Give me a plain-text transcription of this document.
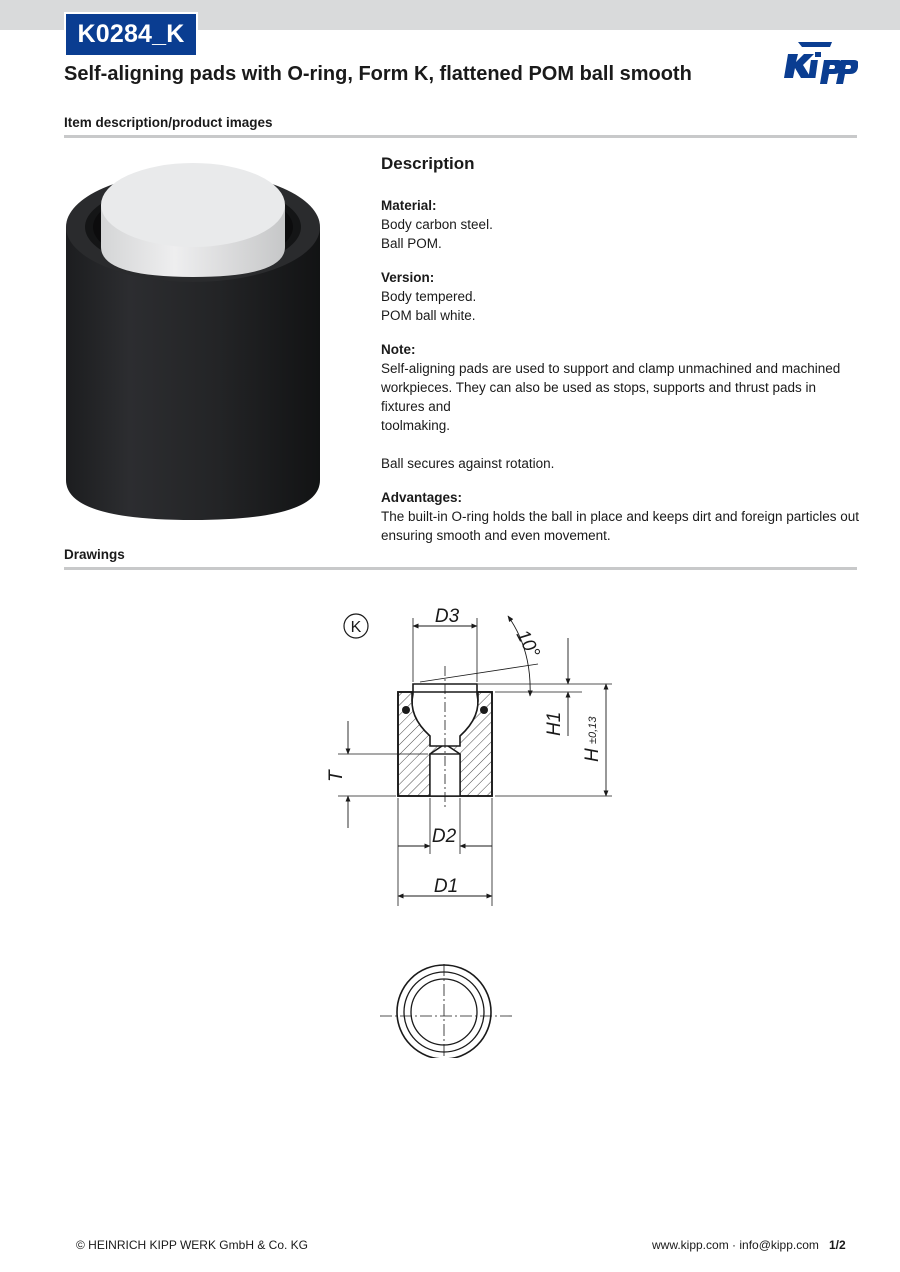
K0284_K
Self-aligning pads with O-ring, Form K, flattened POM ball smooth
Item description/product images
Description
Material:
Body carbon steel.
Ball POM.
Version:
Body tempered.
POM ball white.
Note:
Self-aligning pads are used to support and clamp unmachined and machined
workpieces. They can also be used as stops, supports and thrust pads in fixtures and
toolmaking.
Ball secures against rotation.
Advantages:
The built-in O-ring holds the ball in place and keeps dirt and foreign particles out
ensuring smooth and even movement.
Drawings
K
D3
10°
H1
H
±0,13
T
D2
D1
© HEINRICH KIPP WERK GmbH & Co. KG	www.kipp.com · info@kipp.com 1/2
